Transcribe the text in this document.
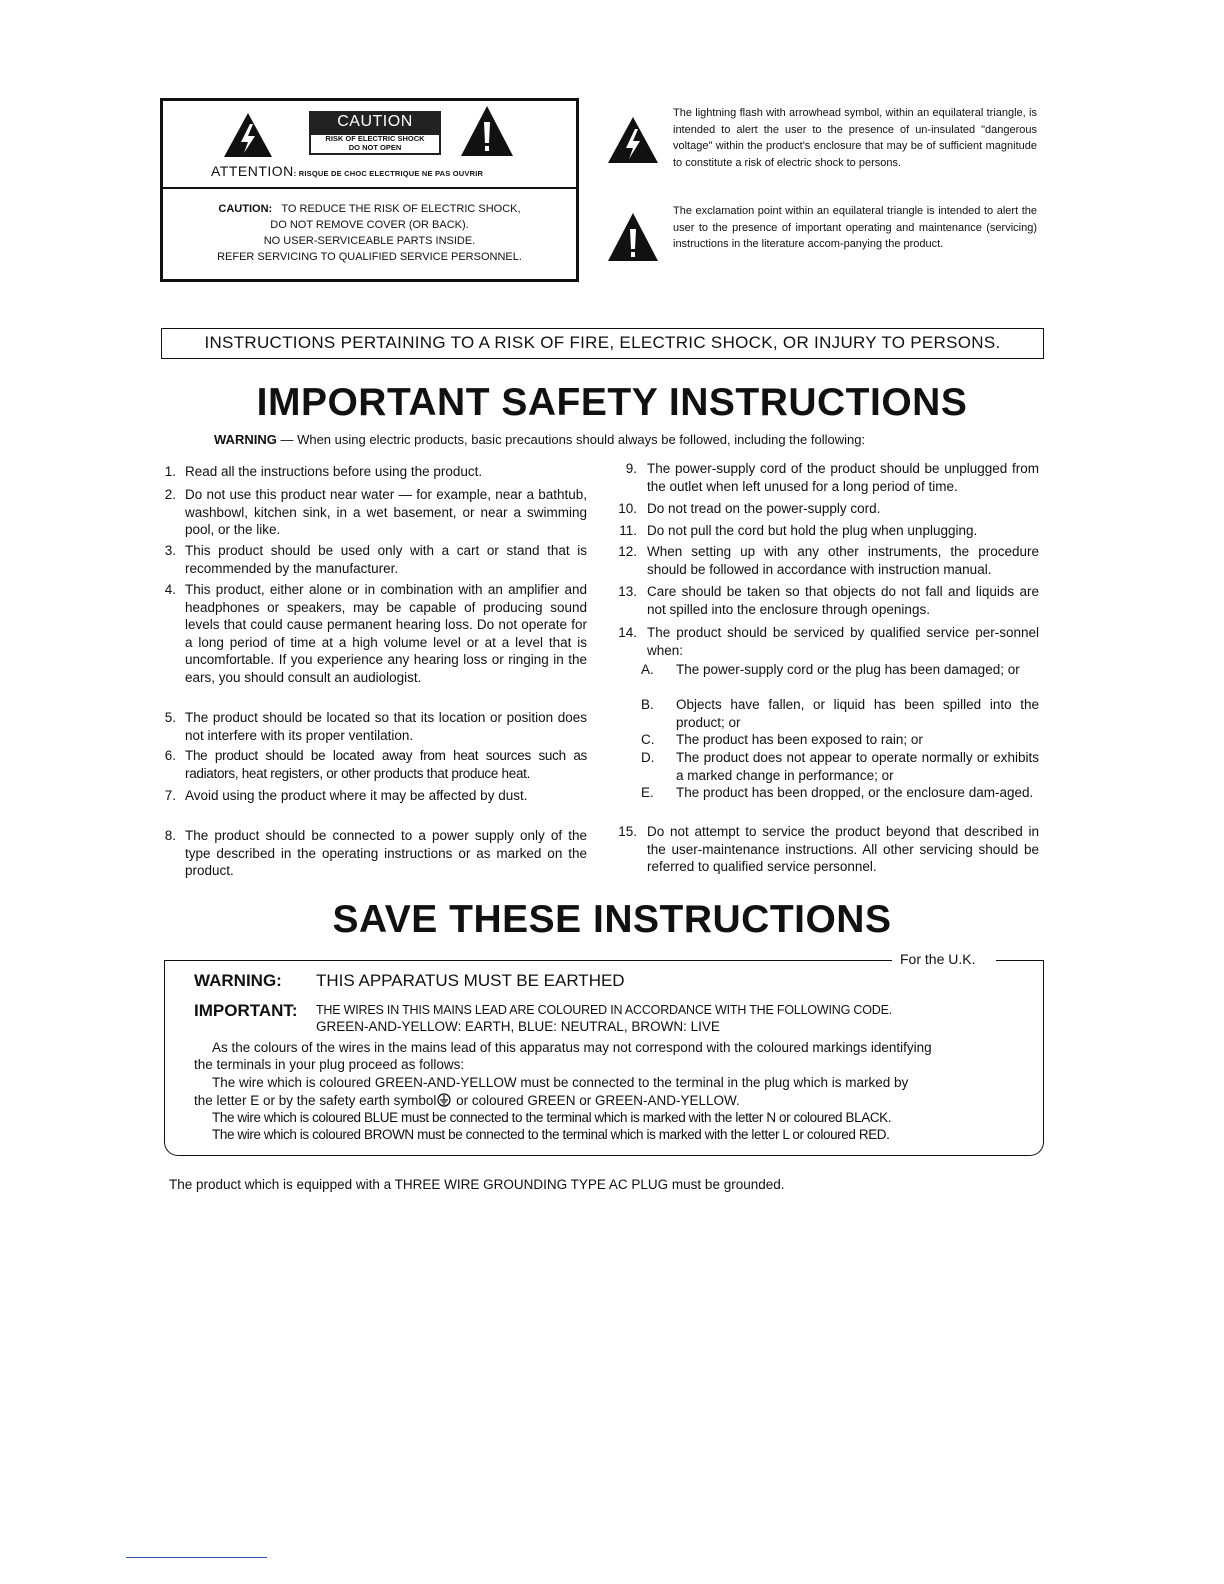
CAUTION
RISK OF ELECTRIC SHOCK
DO NOT OPEN
ATTENTION: RISQUE DE CHOC ELECTRIQUE NE PAS OUVRIR
CAUTION: TO REDUCE THE RISK OF ELECTRIC SHOCK,
DO NOT REMOVE COVER (OR BACK).
NO USER-SERVICEABLE PARTS INSIDE.
REFER SERVICING TO QUALIFIED SERVICE PERSONNEL.
The lightning flash with arrowhead symbol, within an equilateral triangle, is intended to alert the user to the presence of un-insulated "dangerous voltage" within the product's enclosure that may be of sufficient magnitude to constitute a risk of electric shock to persons.
The exclamation point within an equilateral triangle is intended to alert the user to the presence of important operating and maintenance (servicing) instructions in the literature accom-panying the product.
INSTRUCTIONS PERTAINING TO A RISK OF FIRE, ELECTRIC SHOCK, OR INJURY TO PERSONS.
IMPORTANT SAFETY INSTRUCTIONS
WARNING — When using electric products, basic precautions should always be followed, including the following:
1. Read all the instructions before using the product.
2. Do not use this product near water — for example, near a bathtub, washbowl, kitchen sink, in a wet basement, or near a swimming pool, or the like.
3. This product should be used only with a cart or stand that is recommended by the manufacturer.
4. This product, either alone or in combination with an amplifier and headphones or speakers, may be capable of producing sound levels that could cause permanent hearing loss. Do not operate for a long period of time at a high volume level or at a level that is uncomfortable. If you experience any hearing loss or ringing in the ears, you should consult an audiologist.
5. The product should be located so that its location or position does not interfere with its proper ventilation.
6. The product should be located away from heat sources such as radiators, heat registers, or other products that produce heat.
7. Avoid using the product where it may be affected by dust.
8. The product should be connected to a power supply only of the type described in the operating instructions or as marked on the product.
9. The power-supply cord of the product should be unplugged from the outlet when left unused for a long period of time.
10. Do not tread on the power-supply cord.
11. Do not pull the cord but hold the plug when unplugging.
12. When setting up with any other instruments, the procedure should be followed in accordance with instruction manual.
13. Care should be taken so that objects do not fall and liquids are not spilled into the enclosure through openings.
14. The product should be serviced by qualified service per-sonnel when:
A.	The power-supply cord or the plug has been damaged; or
B.	Objects have fallen, or liquid has been spilled into the product; or
C.	The product has been exposed to rain; or
D.	The product does not appear to operate normally or exhibits a marked change in performance; or
E.	The product has been dropped, or the enclosure dam-aged.
15. Do not attempt to service the product beyond that described in the user-maintenance instructions. All other servicing should be referred to qualified service personnel.
SAVE THESE INSTRUCTIONS
For the U.K.
WARNING: THIS APPARATUS MUST BE EARTHED
IMPORTANT: THE WIRES IN THIS MAINS LEAD ARE COLOURED IN ACCORDANCE WITH THE FOLLOWING CODE.
GREEN-AND-YELLOW: EARTH, BLUE: NEUTRAL, BROWN: LIVE
As the colours of the wires in the mains lead of this apparatus may not correspond with the coloured markings identifying
the terminals in your plug proceed as follows:
The wire which is coloured GREEN-AND-YELLOW must be connected to the terminal in the plug which is marked by
the letter E or by the safety earth symbol or coloured GREEN or GREEN-AND-YELLOW.
The wire which is coloured BLUE must be connected to the terminal which is marked with the letter N or coloured BLACK.
The wire which is coloured BROWN must be connected to the terminal which is marked with the letter L or coloured RED.
The product which is equipped with a THREE WIRE GROUNDING TYPE AC PLUG must be grounded.
